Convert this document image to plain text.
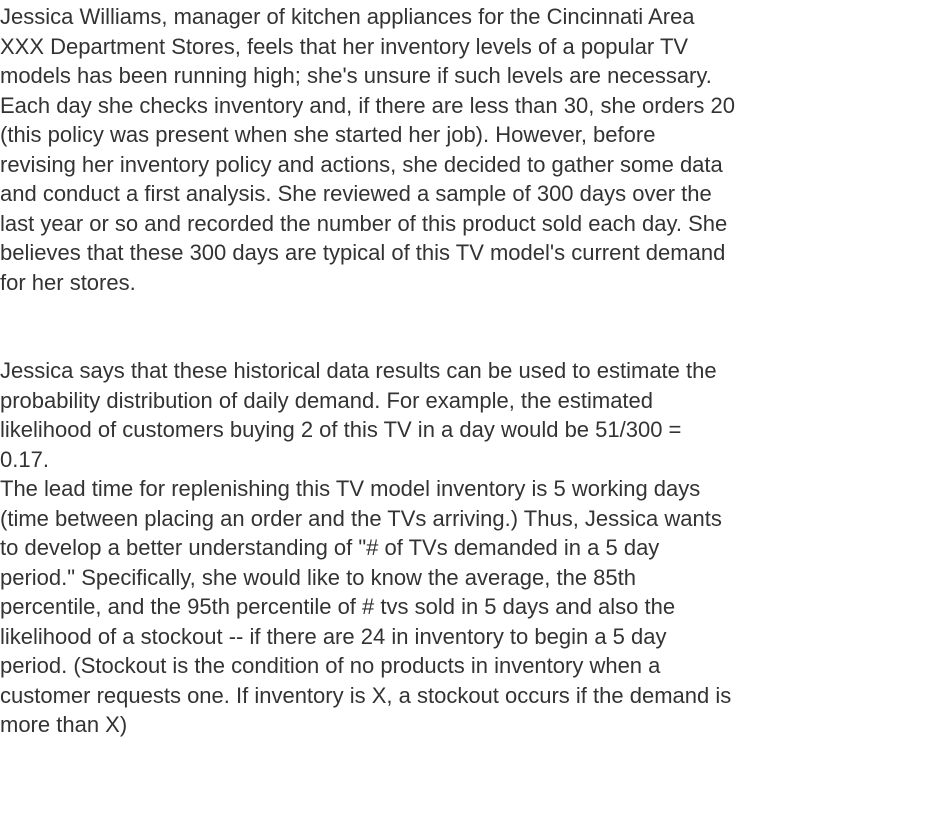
Jessica Williams, manager of kitchen appliances for the Cincinnati Area
XXX Department Stores, feels that her inventory levels of a popular TV
models has been running high; she's unsure if such levels are necessary.
Each day she checks inventory and, if there are less than 30, she orders 20
(this policy was present when she started her job). However, before
revising her inventory policy and actions, she decided to gather some data
and conduct a first analysis. She reviewed a sample of 300 days over the
last year or so and recorded the number of this product sold each day. She
believes that these 300 days are typical of this TV model's current demand
for her stores.

Jessica says that these historical data results can be used to estimate the
probability distribution of daily demand. For example, the estimated
likelihood of customers buying 2 of this TV in a day would be 51/300 =
0.17.

The lead time for replenishing this TV model inventory is 5 working days
(time between placing an order and the TVs arriving.) Thus, Jessica wants
to develop a better understanding of "# of TVs demanded in a 5 day
period." Specifically, she would like to know the average, the 85th
percentile, and the 95th percentile of # tvs sold in 5 days and also the
likelihood of a stockout -- if there are 24 in inventory to begin a 5 day
period. (Stockout is the condition of no products in inventory when a
customer requests one. If inventory is X, a stockout occurs if the demand is
more than X)
